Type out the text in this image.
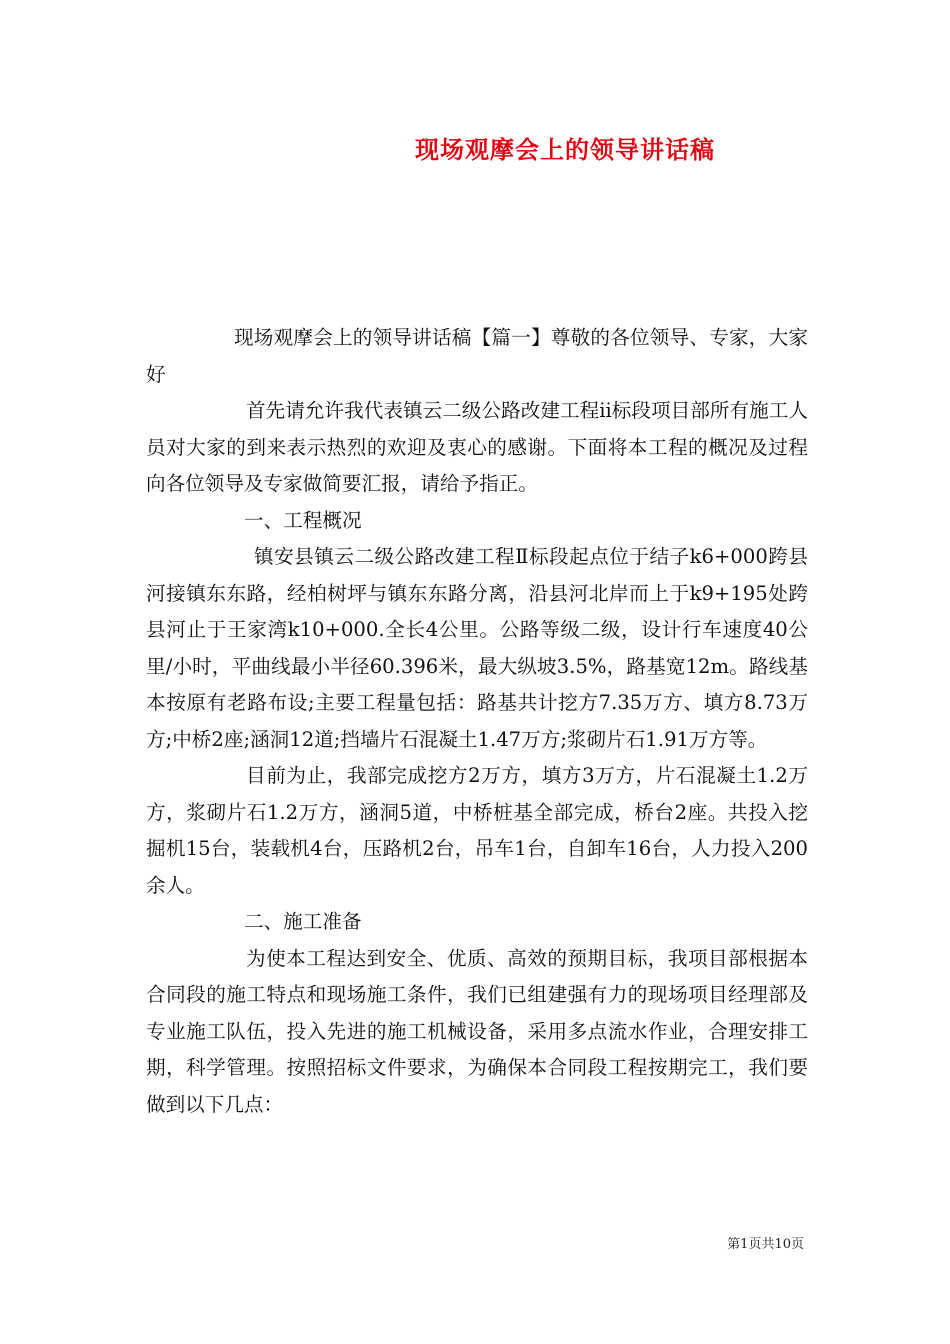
现场观摩会上的领导讲话稿

现场观摩会上的领导讲话稿【篇一】尊敬的各位领导、专家，大家好

首先请允许我代表镇云二级公路改建工程ii标段项目部所有施工人员对大家的到来表示热烈的欢迎及衷心的感谢。下面将本工程的概况及过程向各位领导及专家做简要汇报，请给予指正。

一、工程概况

镇安县镇云二级公路改建工程Ⅱ标段起点位于结子k6+000跨县河接镇东东路，经柏树坪与镇东东路分离，沿县河北岸而上于k9+195处跨县河止于王家湾k10+000.全长4公里。公路等级二级，设计行车速度40公里/小时，平曲线最小半径60.396米，最大纵坡3.5%，路基宽12m。路线基本按原有老路布设;主要工程量包括：路基共计挖方7.35万方、填方8.73万方;中桥2座;涵洞12道;挡墙片石混凝土1.47万方;浆砌片石1.91万方等。

目前为止，我部完成挖方2万方，填方3万方，片石混凝土1.2万方，浆砌片石1.2万方，涵洞5道，中桥桩基全部完成，桥台2座。共投入挖掘机15台，装载机4台，压路机2台，吊车1台，自卸车16台，人力投入200余人。

二、施工准备

为使本工程达到安全、优质、高效的预期目标，我项目部根据本合同段的施工特点和现场施工条件，我们已组建强有力的现场项目经理部及专业施工队伍，投入先进的施工机械设备，采用多点流水作业，合理安排工期，科学管理。按照招标文件要求，为确保本合同段工程按期完工，我们要做到以下几点：

第1页共10页
